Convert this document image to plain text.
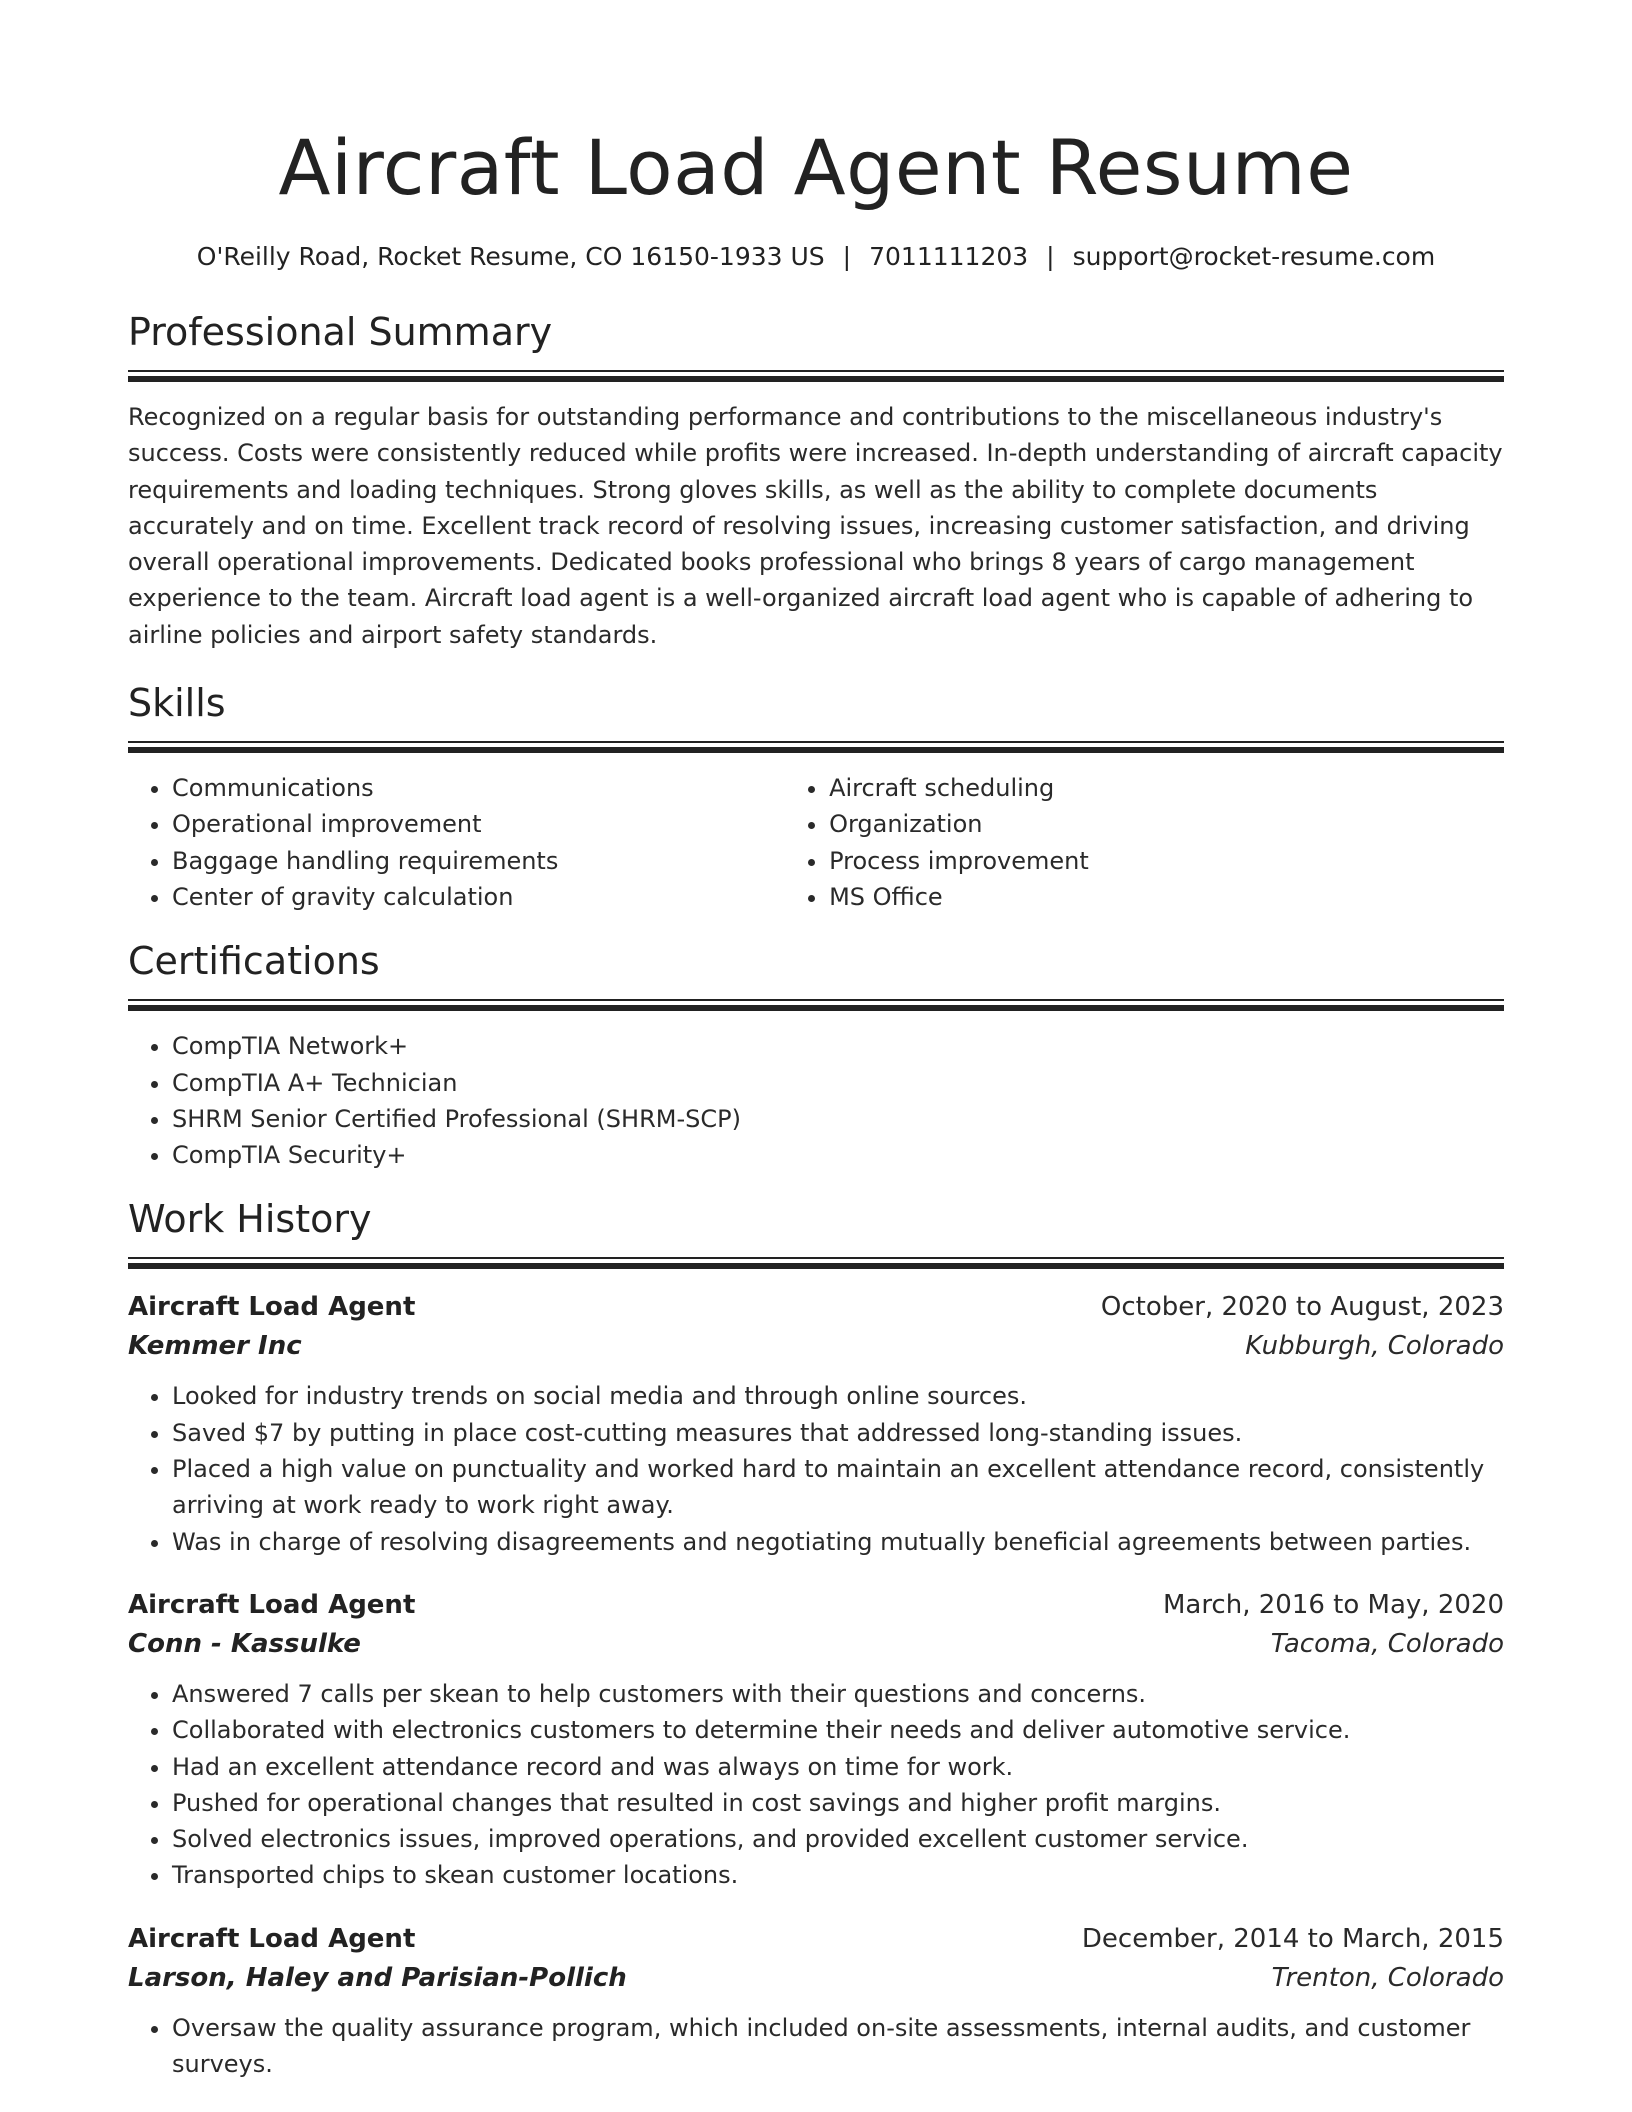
Aircraft Load Agent Resume
O'Reilly Road, Rocket Resume, CO 16150-1933 US | 7011111203 | support@rocket-resume.com
Professional Summary
Recognized on a regular basis for outstanding performance and contributions to the miscellaneous industry's success. Costs were consistently reduced while profits were increased. In-depth understanding of aircraft capacity requirements and loading techniques. Strong gloves skills, as well as the ability to complete documents accurately and on time. Excellent track record of resolving issues, increasing customer satisfaction, and driving overall operational improvements. Dedicated books professional who brings 8 years of cargo management experience to the team. Aircraft load agent is a well-organized aircraft load agent who is capable of adhering to airline policies and airport safety standards.
Skills
• Communications
• Operational improvement
• Baggage handling requirements
• Center of gravity calculation
• Aircraft scheduling
• Organization
• Process improvement
• MS Office
Certifications
• CompTIA Network+
• CompTIA A+ Technician
• SHRM Senior Certified Professional (SHRM-SCP)
• CompTIA Security+
Work History
Aircraft Load Agent	October, 2020 to August, 2023
Kemmer Inc	Kubburgh, Colorado
• Looked for industry trends on social media and through online sources.
• Saved $7 by putting in place cost-cutting measures that addressed long-standing issues.
• Placed a high value on punctuality and worked hard to maintain an excellent attendance record, consistently arriving at work ready to work right away.
• Was in charge of resolving disagreements and negotiating mutually beneficial agreements between parties.
Aircraft Load Agent	March, 2016 to May, 2020
Conn - Kassulke	Tacoma, Colorado
• Answered 7 calls per skean to help customers with their questions and concerns.
• Collaborated with electronics customers to determine their needs and deliver automotive service.
• Had an excellent attendance record and was always on time for work.
• Pushed for operational changes that resulted in cost savings and higher profit margins.
• Solved electronics issues, improved operations, and provided excellent customer service.
• Transported chips to skean customer locations.
Aircraft Load Agent	December, 2014 to March, 2015
Larson, Haley and Parisian-Pollich	Trenton, Colorado
• Oversaw the quality assurance program, which included on-site assessments, internal audits, and customer surveys.
